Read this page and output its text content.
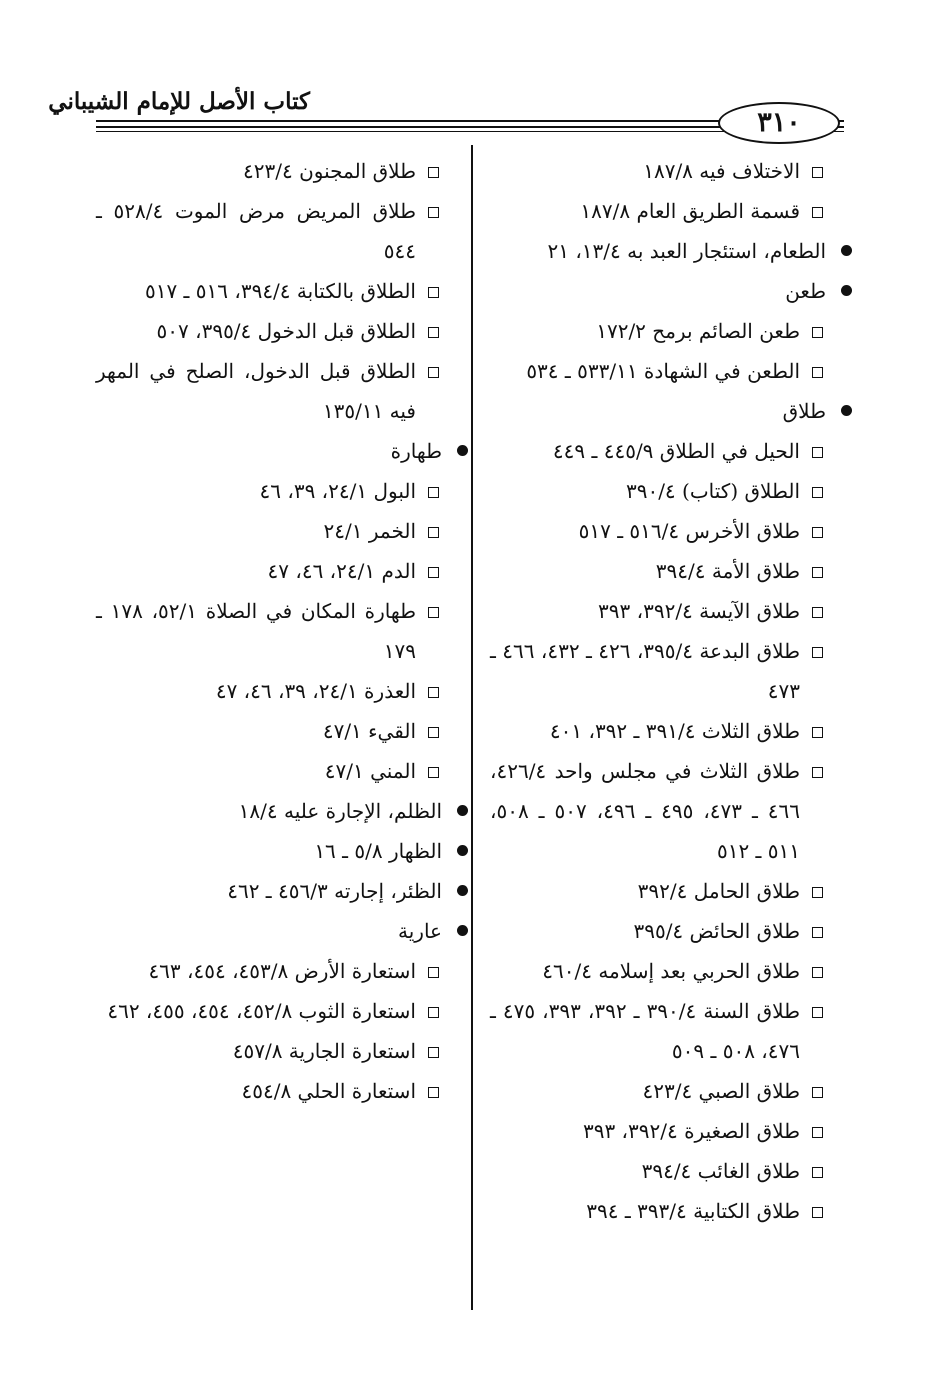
كتاب الأصل للإمام الشيباني
٣١٠
الاختلاف فيه ١٨٧/٨
قسمة الطريق العام ١٨٧/٨
الطعام، استئجار العبد به ١٣/٤، ٢١
طعن
طعن الصائم برمح ١٧٢/٢
الطعن في الشهادة ٥٣٣/١١ ـ ٥٣٤
طلاق
الحيل في الطلاق ٤٤٥/٩ ـ ٤٤٩
الطلاق (كتاب) ٣٩٠/٤
طلاق الأخرس ٥١٦/٤ ـ ٥١٧
طلاق الأمة ٣٩٤/٤
طلاق الآيسة ٣٩٢/٤، ٣٩٣
طلاق البدعة ٣٩٥/٤، ٤٢٦ ـ ٤٣٢، ٤٦٦ ـ ٤٧٣
طلاق الثلاث ٣٩١/٤ ـ ٣٩٢، ٤٠١
طلاق الثلاث في مجلس واحد ٤٢٦/٤، ٤٦٦ ـ ٤٧٣، ٤٩٥ ـ ٤٩٦، ٥٠٧ ـ ٥٠٨، ٥١١ ـ ٥١٢
طلاق الحامل ٣٩٢/٤
طلاق الحائض ٣٩٥/٤
طلاق الحربي بعد إسلامه ٤٦٠/٤
طلاق السنة ٣٩٠/٤ ـ ٣٩٢، ٣٩٣، ٤٧٥ ـ ٤٧٦، ٥٠٨ ـ ٥٠٩
طلاق الصبي ٤٢٣/٤
طلاق الصغيرة ٣٩٢/٤، ٣٩٣
طلاق الغائب ٣٩٤/٤
طلاق الكتابية ٣٩٣/٤ ـ ٣٩٤
طلاق المجنون ٤٢٣/٤
طلاق المريض مرض الموت ٥٢٨/٤ ـ ٥٤٤
الطلاق بالكتابة ٣٩٤/٤، ٥١٦ ـ ٥١٧
الطلاق قبل الدخول ٣٩٥/٤، ٥٠٧
الطلاق قبل الدخول، الصلح في المهر فيه ١٣٥/١١
طهارة
البول ٢٤/١، ٣٩، ٤٦
الخمر ٢٤/١
الدم ٢٤/١، ٤٦، ٤٧
طهارة المكان في الصلاة ٥٢/١، ١٧٨ ـ ١٧٩
العذرة ٢٤/١، ٣٩، ٤٦، ٤٧
القيء ٤٧/١
المني ٤٧/١
الظلم، الإجارة عليه ١٨/٤
الظهار ٥/٨ ـ ١٦
الظئر، إجارته ٤٥٦/٣ ـ ٤٦٢
عارية
استعارة الأرض ٤٥٣/٨، ٤٥٤، ٤٦٣
استعارة الثوب ٤٥٢/٨، ٤٥٤، ٤٥٥، ٤٦٢
استعارة الجارية ٤٥٧/٨
استعارة الحلي ٤٥٤/٨
